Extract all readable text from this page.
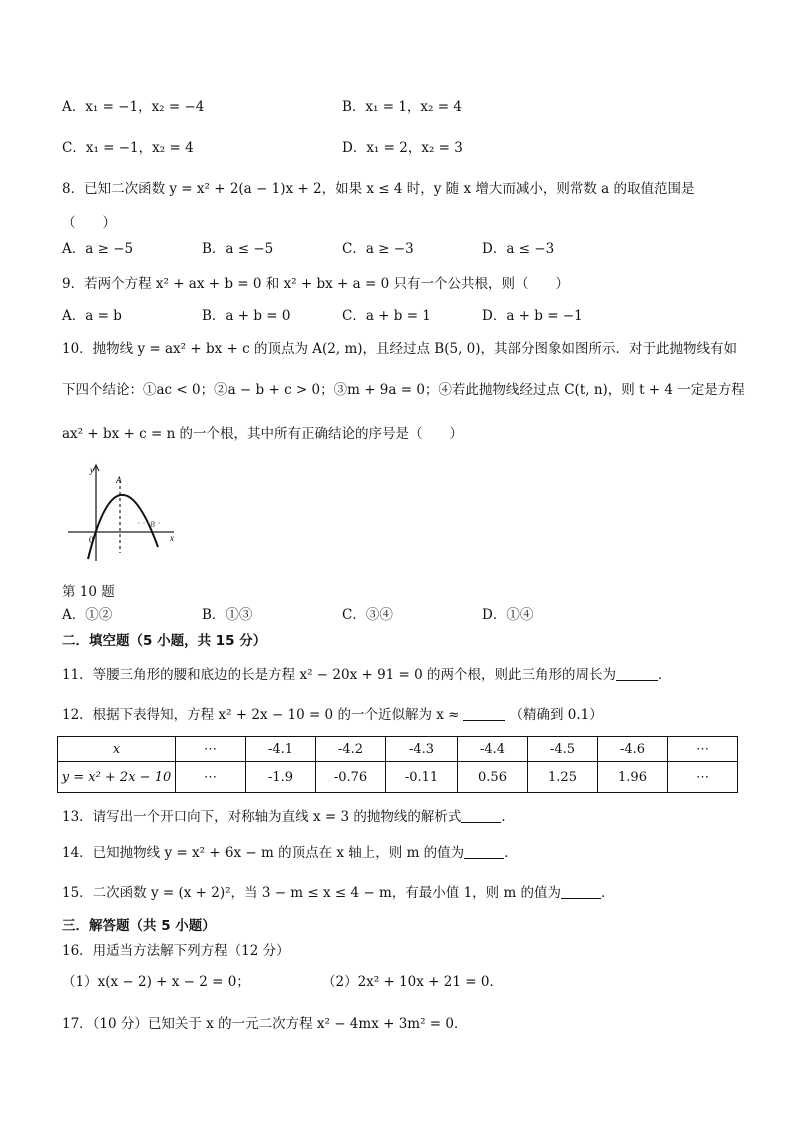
A．x₁ = −1，x₂ = −4	B．x₁ = 1，x₂ = 4
C．x₁ = −1，x₂ = 4	D．x₁ = 2，x₂ = 3
8．已知二次函数 y = x² + 2(a − 1)x + 2，如果 x ≤ 4 时，y 随 x 增大而减小，则常数 a 的取值范围是
（　　）
A．a ≥ −5	B．a ≤ −5	C．a ≥ −3	D．a ≤ −3
9．若两个方程 x² + ax + b = 0 和 x² + bx + a = 0 只有一个公共根，则（　　）
A．a = b	B．a + b = 0	C．a + b = 1	D．a + b = −1
10．抛物线 y = ax² + bx + c 的顶点为 A(2, m)，且经过点 B(5, 0)，其部分图象如图所示．对于此抛物线有如
下四个结论：①ac < 0；②a − b + c > 0；③m + 9a = 0；④若此抛物线经过点 C(t, n)，则 t + 4 一定是方程
ax² + bx + c = n 的一个根，其中所有正确结论的序号是（　　）
y
A
0
B
x
第 10 题
A．①②	B．①③	C．③④	D．①④
二．填空题（5 小题，共 15 分）
11．等腰三角形的腰和底边的长是方程 x² − 20x + 91 = 0 的两个根，则此三角形的周长为	．
12．根据下表得知，方程 x² + 2x − 10 = 0 的一个近似解为 x ≈	（精确到 0.1）
x	⋯	-4.1	-4.2	-4.3	-4.4	-4.5	-4.6	⋯
y = x² + 2x − 10	⋯	-1.9	-0.76	-0.11	0.56	1.25	1.96	⋯
13．请写出一个开口向下，对称轴为直线 x = 3 的抛物线的解析式	．
14．已知抛物线 y = x² + 6x − m 的顶点在 x 轴上，则 m 的值为	．
15．二次函数 y = (x + 2)²，当 3 − m ≤ x ≤ 4 − m，有最小值 1，则 m 的值为	．
三．解答题（共 5 小题）
16．用适当方法解下列方程（12 分）
（1）x(x − 2) + x − 2 = 0；	（2）2x² + 10x + 21 = 0．
17．（10 分）已知关于 x 的一元二次方程 x² − 4mx + 3m² = 0．
